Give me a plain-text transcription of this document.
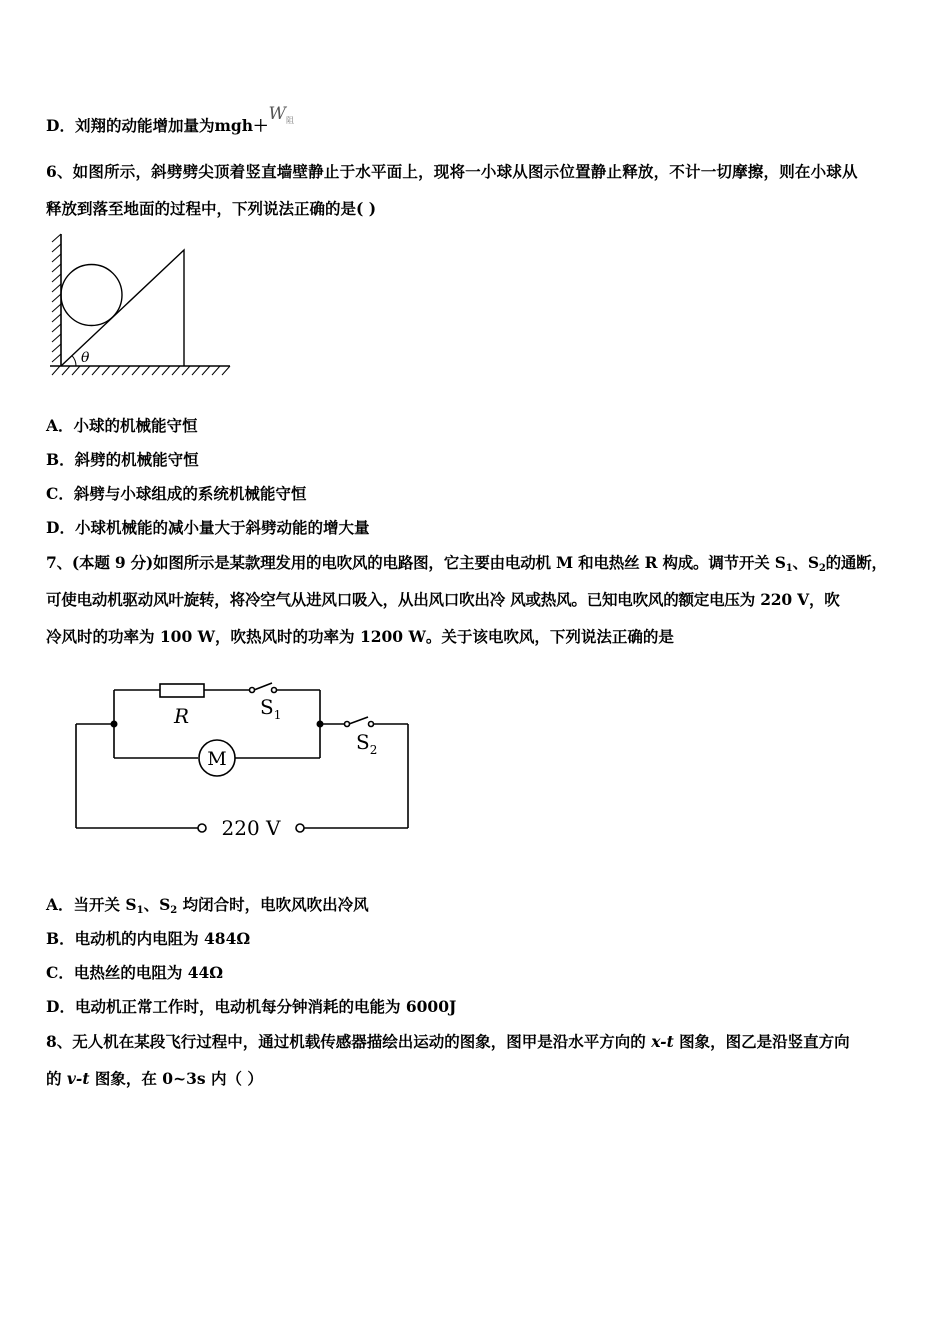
D．刘翔的动能增加量为$mgh+W_阻$
6、如图所示，斜劈劈尖顶着竖直墙壁静止于水平面上，现将一小球从图示位置静止释放，不计一切摩擦，则在小球从
释放到落至地面的过程中，下列说法正确的是( )
θ
A．小球的机械能守恒
B．斜劈的机械能守恒
C．斜劈与小球组成的系统机械能守恒
D．小球机械能的减小量大于斜劈动能的增大量
7、(本题 9 分)如图所示是某款理发用的电吹风的电路图，它主要由电动机 M 和电热丝 R 构成。调节开关 $S_1$、$S_2$的通断，
可使电动机驱动风叶旋转，将冷空气从进风口吸入，从出风口吹出冷 风或热风。已知电吹风的额定电压为 220 V，吹
冷风时的功率为 100 W，吹热风时的功率为 1200 W。关于该电吹风，下列说法正确的是
R	$S_1$
$S_2$
M
220 V
A．当开关 $S_1$、$S_2$ 均闭合时，电吹风吹出冷风
B．电动机的内电阻为 484Ω
C．电热丝的电阻为 44Ω
D．电动机正常工作时，电动机每分钟消耗的电能为 6000J
8、无人机在某段飞行过程中，通过机载传感器描绘出运动的图象，图甲是沿水平方向的 x-t 图象，图乙是沿竖直方向
的 v-t 图象，在 0~3s 内（ ）
